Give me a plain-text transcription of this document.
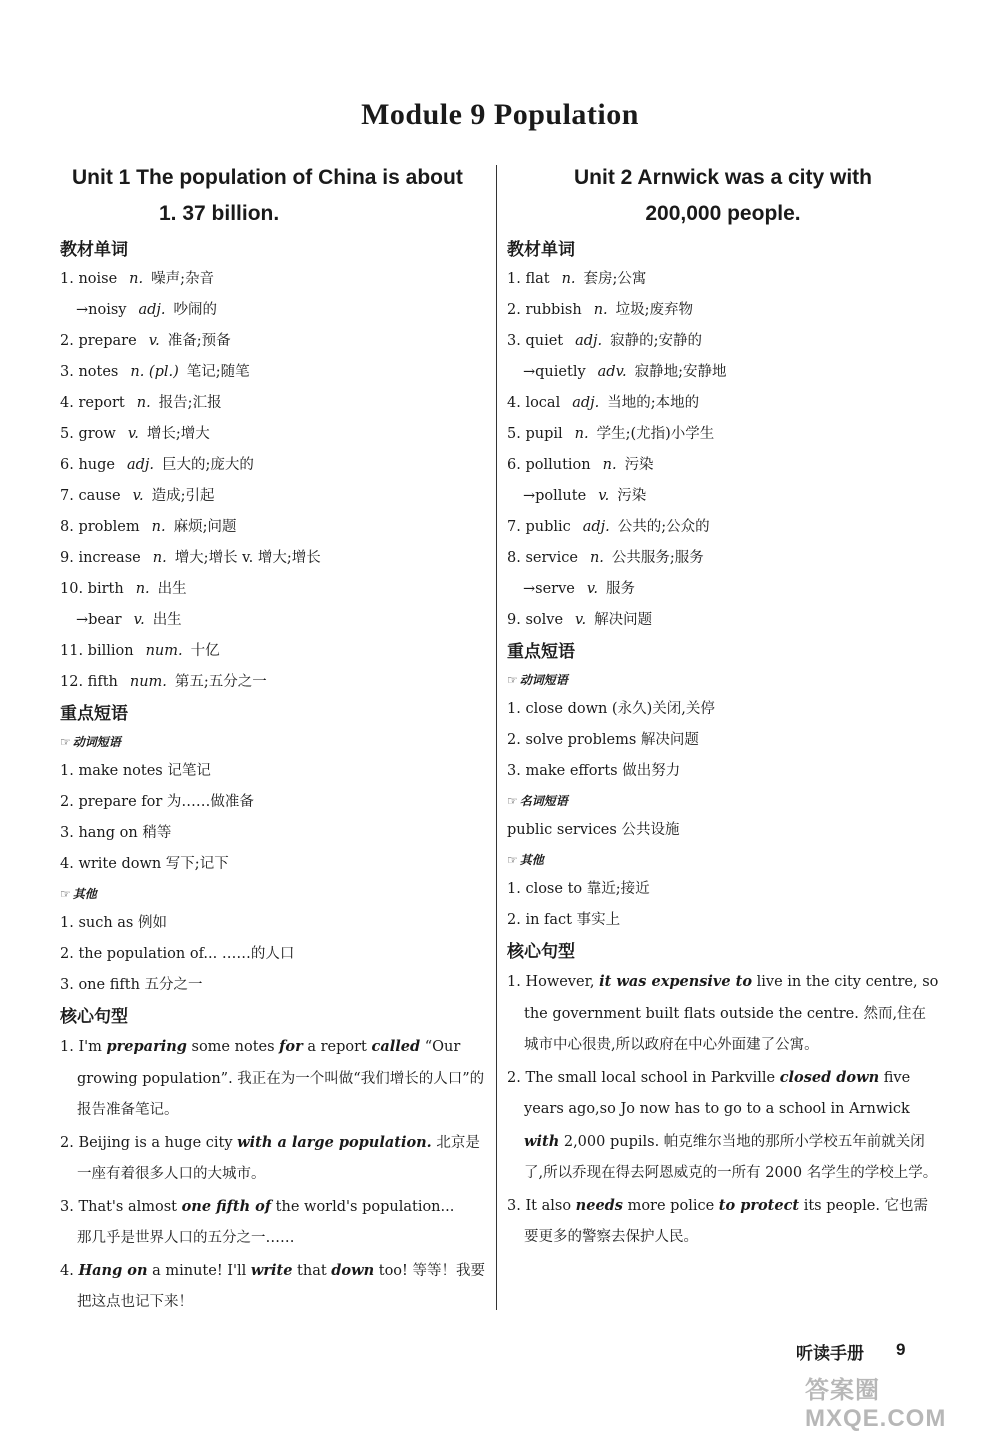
Module 9 Population
Unit 1 The population of China is about
1. 37 billion.
教材单词
1. noise n. 噪声;杂音
→noisy adj. 吵闹的
2. prepare v. 准备;预备
3. notes n. (pl.) 笔记;随笔
4. report n. 报告;汇报
5. grow v. 增长;增大
6. huge adj. 巨大的;庞大的
7. cause v. 造成;引起
8. problem n. 麻烦;问题
9. increase n. 增大;增长 v. 增大;增长
10. birth n. 出生
→bear v. 出生
11. billion num. 十亿
12. fifth num. 第五;五分之一
重点短语
☞ 动词短语
1. make notes 记笔记
2. prepare for 为……做准备
3. hang on 稍等
4. write down 写下;记下
☞ 其他
1. such as 例如
2. the population of... ……的人口
3. one fifth 五分之一
核心句型
1. I'm preparing some notes for a report called “Our growing population”. 我正在为一个叫做“我们增长的人口”的报告准备笔记。
2. Beijing is a huge city with a large population. 北京是一座有着很多人口的大城市。
3. That's almost one fifth of the world's population...
那几乎是世界人口的五分之一……
4. Hang on a minute! I'll write that down too! 等等！我要把这点也记下来！
Unit 2 Arnwick was a city with
200,000 people.
教材单词
1. flat n. 套房;公寓
2. rubbish n. 垃圾;废弃物
3. quiet adj. 寂静的;安静的
→quietly adv. 寂静地;安静地
4. local adj. 当地的;本地的
5. pupil n. 学生;(尤指)小学生
6. pollution n. 污染
→pollute v. 污染
7. public adj. 公共的;公众的
8. service n. 公共服务;服务
→serve v. 服务
9. solve v. 解决问题
重点短语
☞ 动词短语
1. close down (永久)关闭,关停
2. solve problems 解决问题
3. make efforts 做出努力
☞ 名词短语
public services 公共设施
☞ 其他
1. close to 靠近;接近
2. in fact 事实上
核心句型
1. However, it was expensive to live in the city centre, so the government built flats outside the centre. 然而,住在城市中心很贵,所以政府在中心外面建了公寓。
2. The small local school in Parkville closed down five years ago,so Jo now has to go to a school in Arnwick with 2,000 pupils. 帕克维尔当地的那所小学校五年前就关闭了,所以乔现在得去阿恩威克的一所有 2000 名学生的学校上学。
3. It also needs more police to protect its people. 它也需要更多的警察去保护人民。
听读手册 9
答案圈 MXQE.COM
